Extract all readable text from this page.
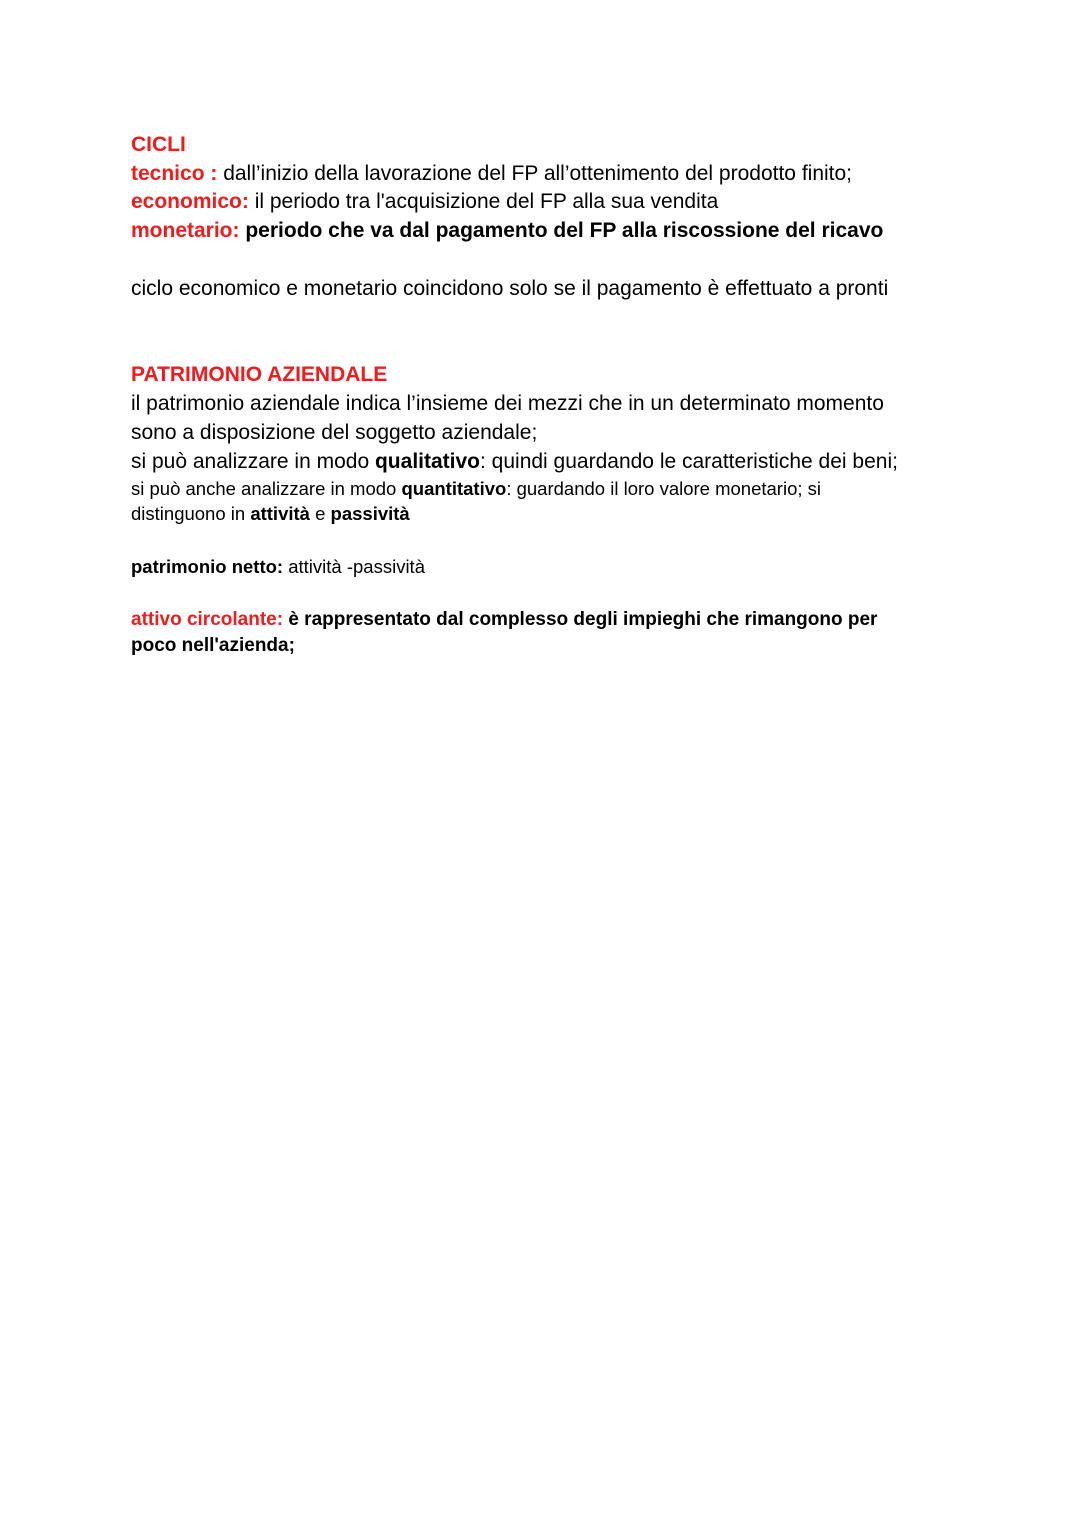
CICLI
tecnico : dall’inizio della lavorazione del FP all’ottenimento del prodotto finito;
economico: il periodo tra l'acquisizione del FP alla sua vendita
monetario: periodo che va dal pagamento del FP alla riscossione del ricavo
ciclo economico e monetario coincidono solo se il pagamento è effettuato a pronti
PATRIMONIO AZIENDALE
il patrimonio aziendale indica l’insieme dei mezzi che in un determinato momento
sono a disposizione del soggetto aziendale;
si può analizzare in modo qualitativo: quindi guardando le caratteristiche dei beni;
si può anche analizzare in modo quantitativo: guardando il loro valore monetario; si
distinguono in attività e passività
patrimonio netto: attività -passività
attivo circolante: è rappresentato dal complesso degli impieghi che rimangono per
poco nell'azienda;
